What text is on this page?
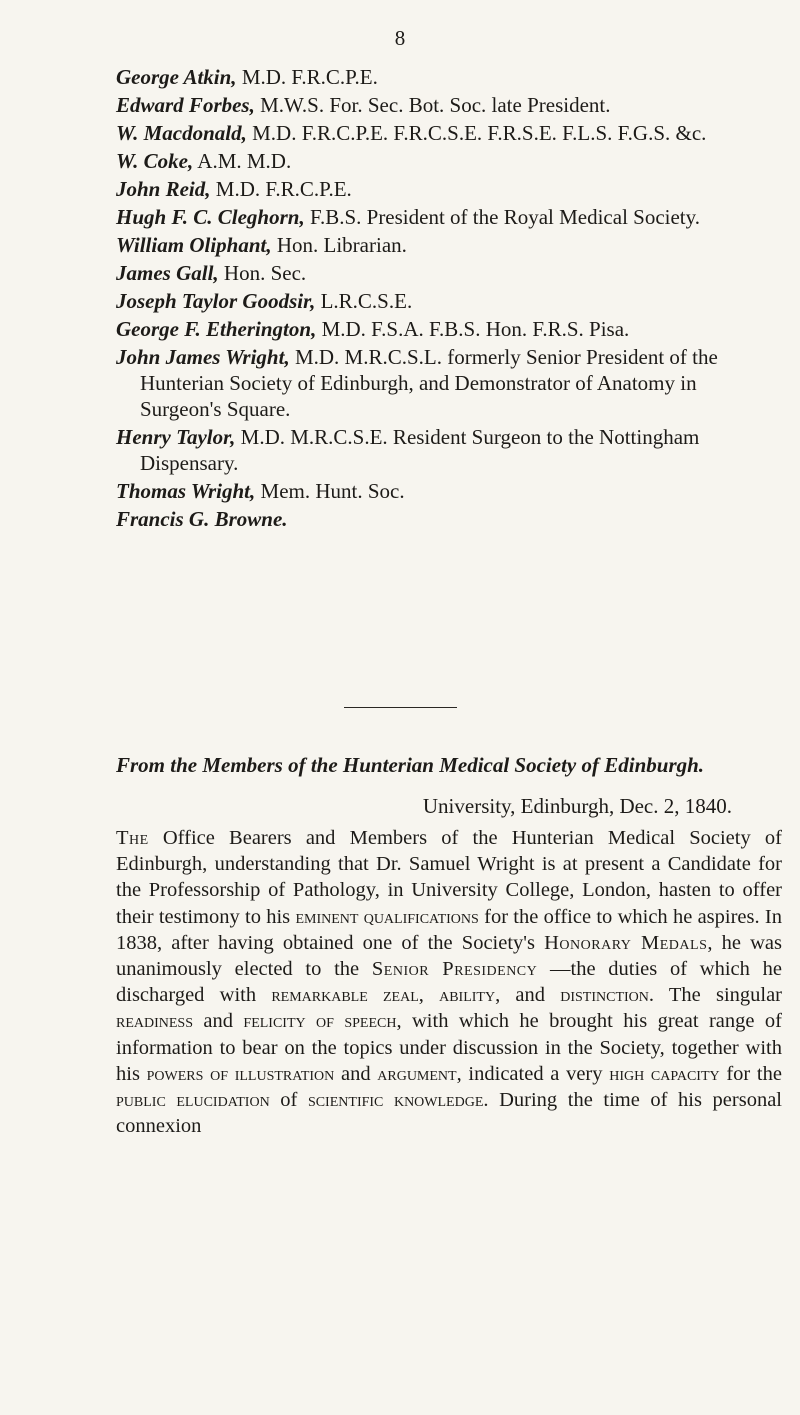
8

George Atkin, M.D. F.R.C.P.E.

Edward Forbes, M.W.S. For. Sec. Bot. Soc. late President.

W. Macdonald, M.D. F.R.C.P.E. F.R.C.S.E. F.R.S.E. F.L.S. F.G.S. &c.

W. Coke, A.M. M.D.

John Reid, M.D. F.R.C.P.E.

Hugh F. C. Cleghorn, F.B.S. President of the Royal Medical Society.

William Oliphant, Hon. Librarian.

James Gall, Hon. Sec.

Joseph Taylor Goodsir, L.R.C.S.E.

George F. Etherington, M.D. F.S.A. F.B.S. Hon. F.R.S. Pisa.

John James Wright, M.D. M.R.C.S.L. formerly Senior President of the Hunterian Society of Edinburgh, and Demonstrator of Anatomy in Surgeon's Square.

Henry Taylor, M.D. M.R.C.S.E. Resident Surgeon to the Nottingham Dispensary.

Thomas Wright, Mem. Hunt. Soc.

Francis G. Browne.

From the Members of the Hunterian Medical Society of Edinburgh.
University, Edinburgh, Dec. 2, 1840.

The Office Bearers and Members of the Hunterian Medical Society of Edinburgh, understanding that Dr. Samuel Wright is at present a Candidate for the Professorship of Pathology, in University College, London, hasten to offer their testimony to his eminent qualifications for the office to which he aspires. In 1838, after having obtained one of the Society's Honorary Medals, he was unanimously elected to the Senior Presidency —the duties of which he discharged with remarkable zeal, ability, and distinction. The singular readiness and felicity of speech, with which he brought his great range of information to bear on the topics under discussion in the Society, together with his powers of illustration and argument, indicated a very high capacity for the public elucidation of scientific knowledge. During the time of his personal connexion
